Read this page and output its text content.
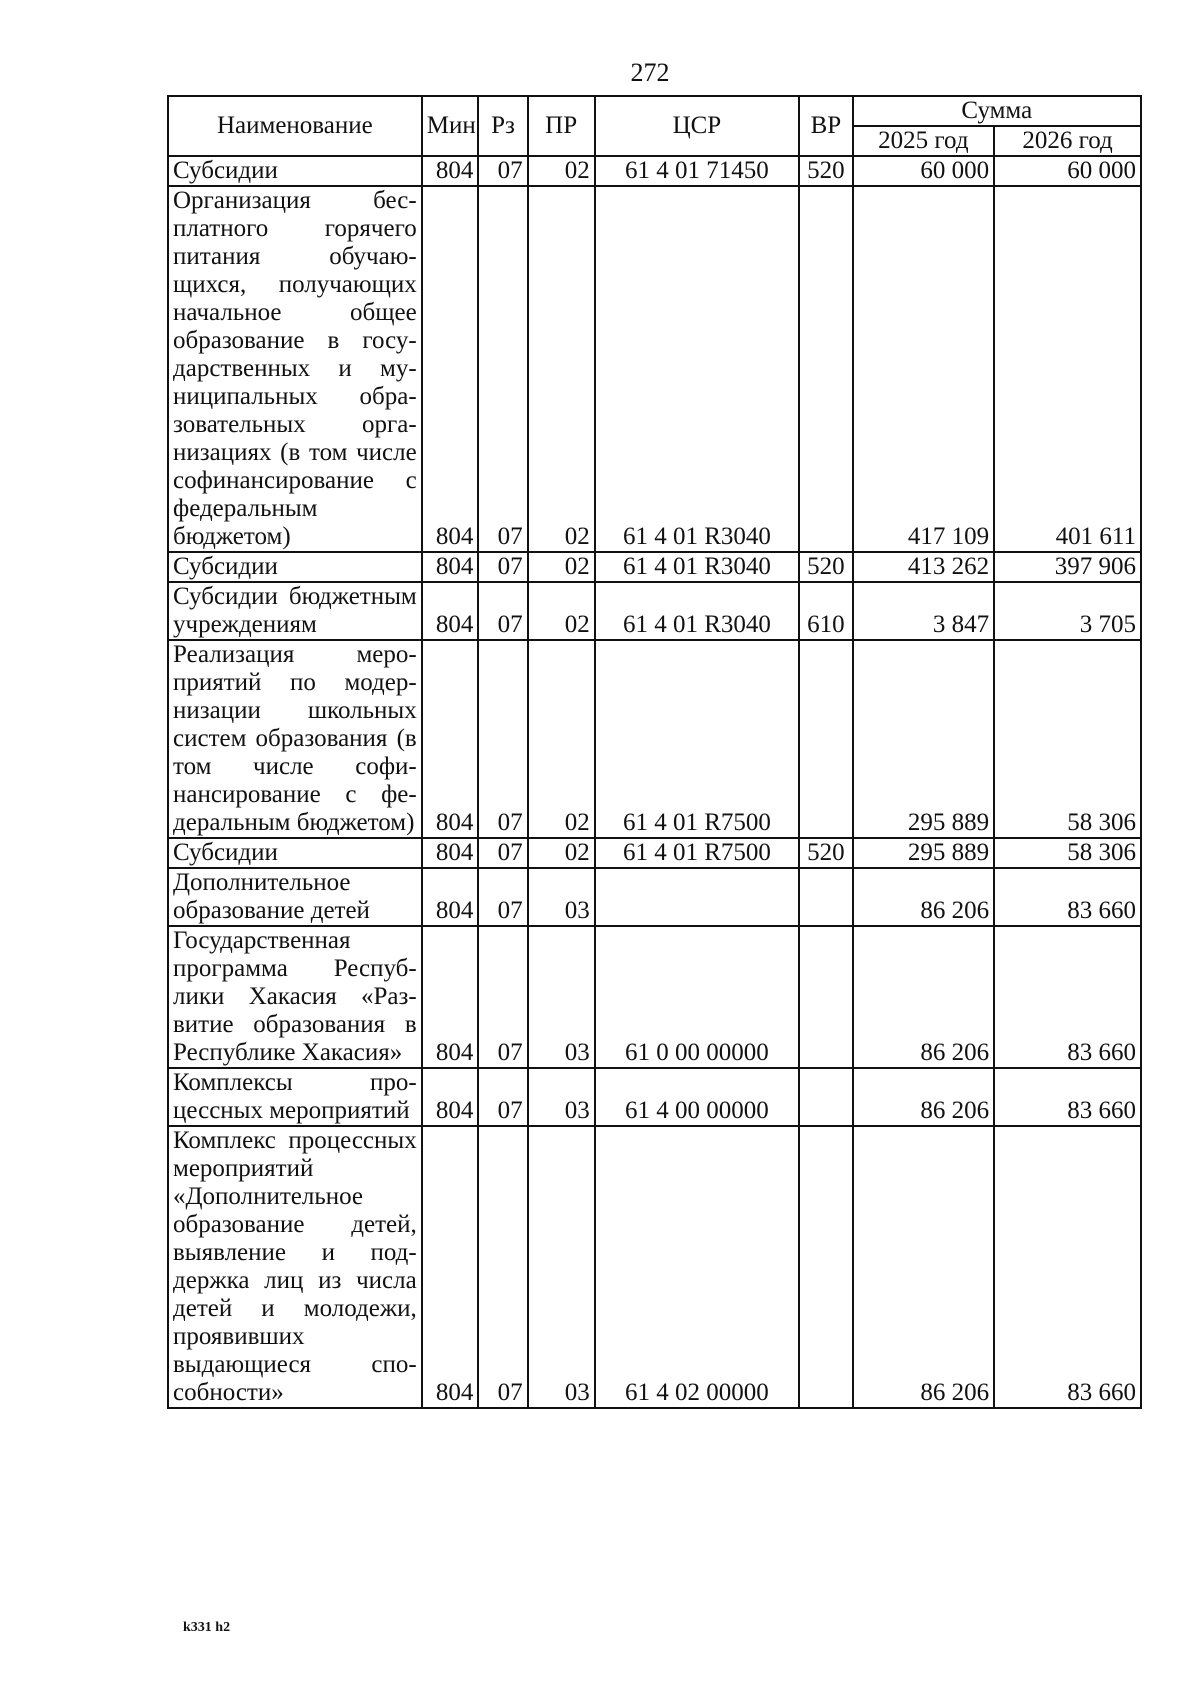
272
Наименование	Мин	Рз	ПР	ЦСР	ВР	Сумма	
						2025 год	2026 год
Субсидии	804	07	02	61 4 01 71450	520	60 000	60 000
Организация бесплатного горячего питания обучающихся, получающих начальное общее образование в государственных и муниципальных образовательных организациях (в том числе софинансирование с федеральным бюджетом)	804	07	02	61 4 01 R3040		417 109	401 611
Субсидии	804	07	02	61 4 01 R3040	520	413 262	397 906
Субсидии бюджетным учреждениям	804	07	02	61 4 01 R3040	610	3 847	3 705
Реализация мероприятий по модернизации школьных систем образования (в том числе софинансирование с федеральным бюджетом)	804	07	02	61 4 01 R7500		295 889	58 306
Субсидии	804	07	02	61 4 01 R7500	520	295 889	58 306
Дополнительное образование детей	804	07	03			86 206	83 660
Государственная программа Республики Хакасия «Развитие образования в Республике Хакасия»	804	07	03	61 0 00 00000		86 206	83 660
Комплексы процессных мероприятий	804	07	03	61 4 00 00000		86 206	83 660
Комплекс процессных мероприятий «Дополнительное образование детей, выявление и поддержка лиц из числа детей и молодежи, проявивших выдающиеся способности»	804	07	03	61 4 02 00000		86 206	83 660
k331 h2
